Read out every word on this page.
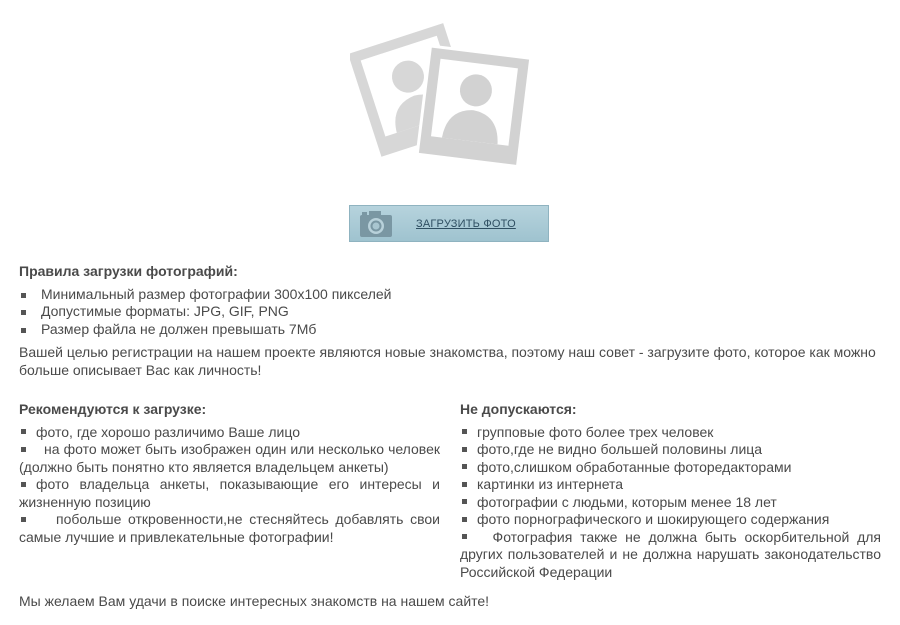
ЗАГРУЗИТЬ ФОТО
Правила загрузки фотографий:
Минимальный размер фотографии 300x100 пикселей
Допустимые форматы: JPG, GIF, PNG
Размер файла не должен превышать 7Мб

Вашей целью регистрации на нашем проекте являются новые знакомства, поэтому наш совет - загрузите фото, которое как можно больше описывает Вас как личность!

Рекомендуются к загрузке:
фото, где хорошо различимо Ваше лицо
на фото может быть изображен один или несколько человек (должно быть понятно кто является владельцем анкеты)
фото владельца анкеты, показывающие его интересы и жизненную позицию
побольше откровенности,не стесняйтесь добавлять свои самые лучшие и привлекательные фотографии!
Не допускаются:
групповые фото более трех человек
фото,где не видно большей половины лица
фото,слишком обработанные фоторедакторами
картинки из интернета
фотографии с людьми, которым менее 18 лет
фото порнографического и шокирующего содержания
Фотография также не должна быть оскорбительной для других пользователей и не должна нарушать законодательство Российской Федерации

Мы желаем Вам удачи в поиске интересных знакомств на нашем сайте!
